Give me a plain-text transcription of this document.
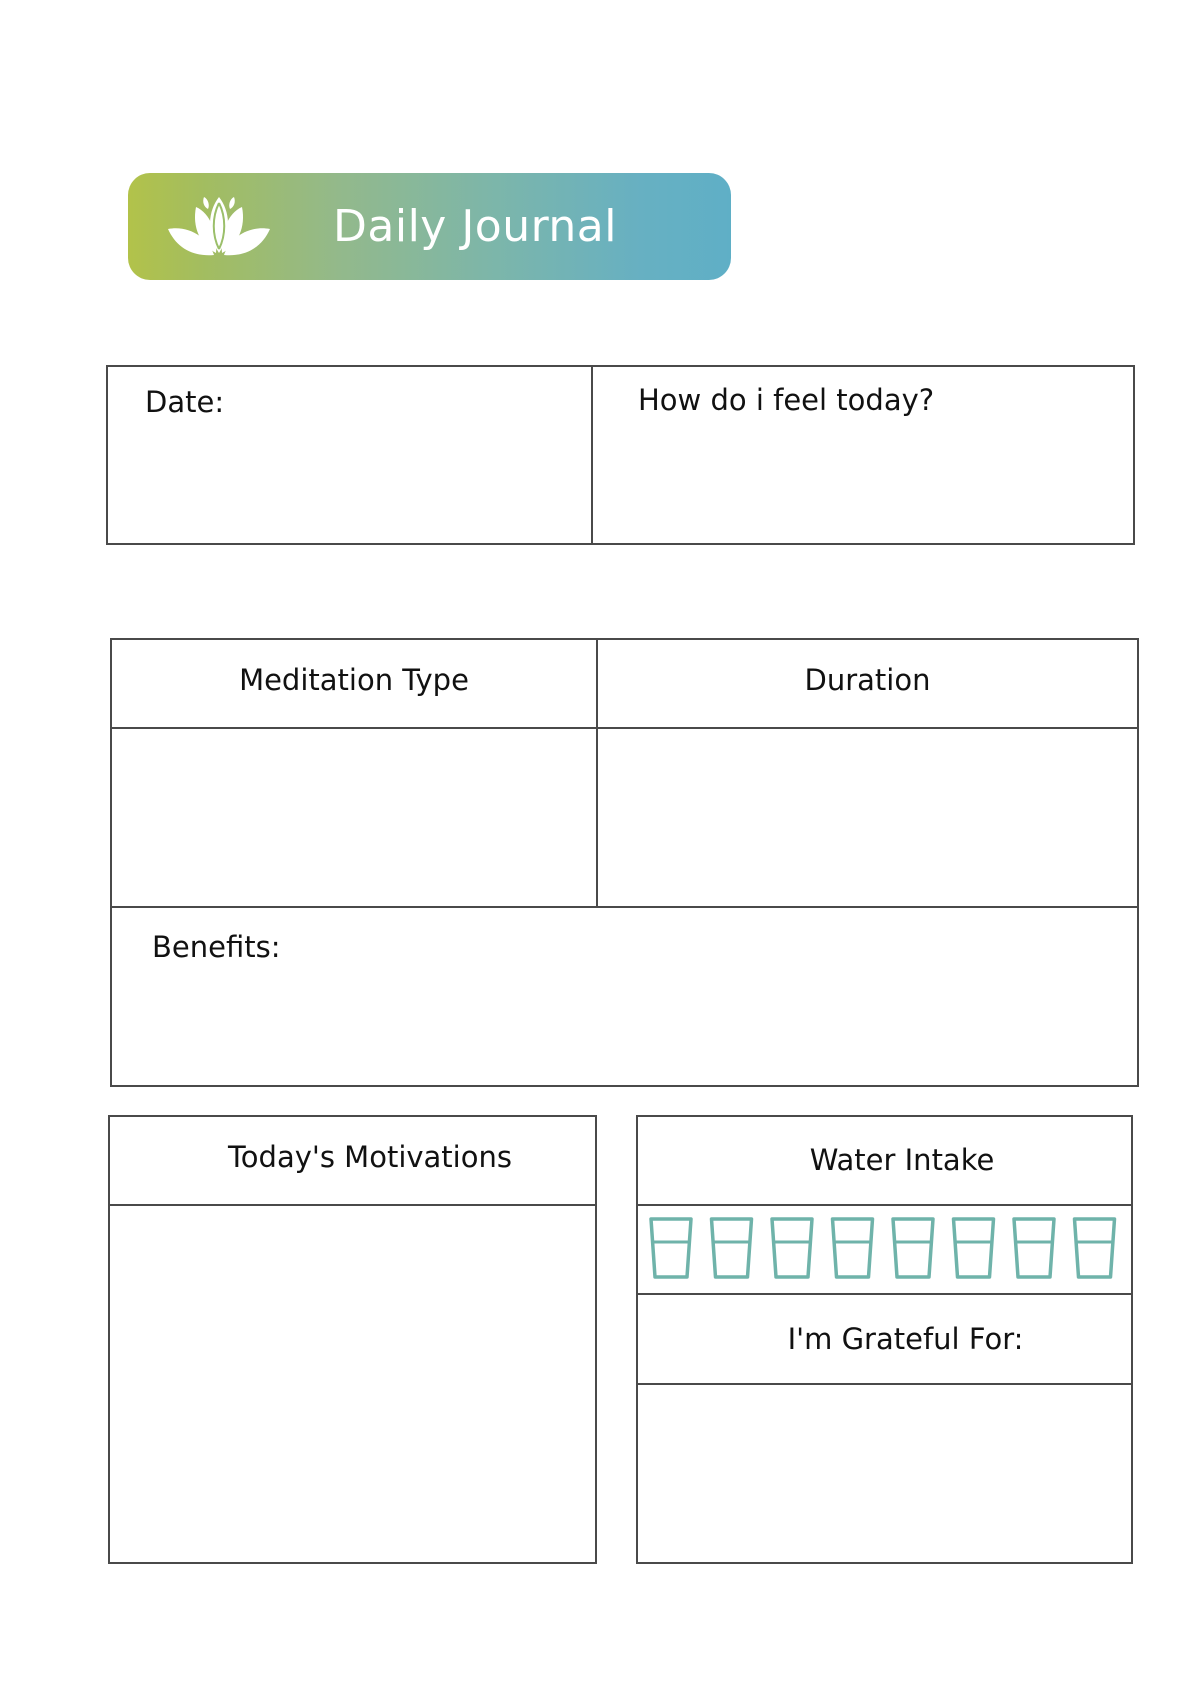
Daily Journal
Date:	How do i feel today?
Meditation Type	Duration
Benefits:
Today's Motivations	Water Intake
I'm Grateful For:
